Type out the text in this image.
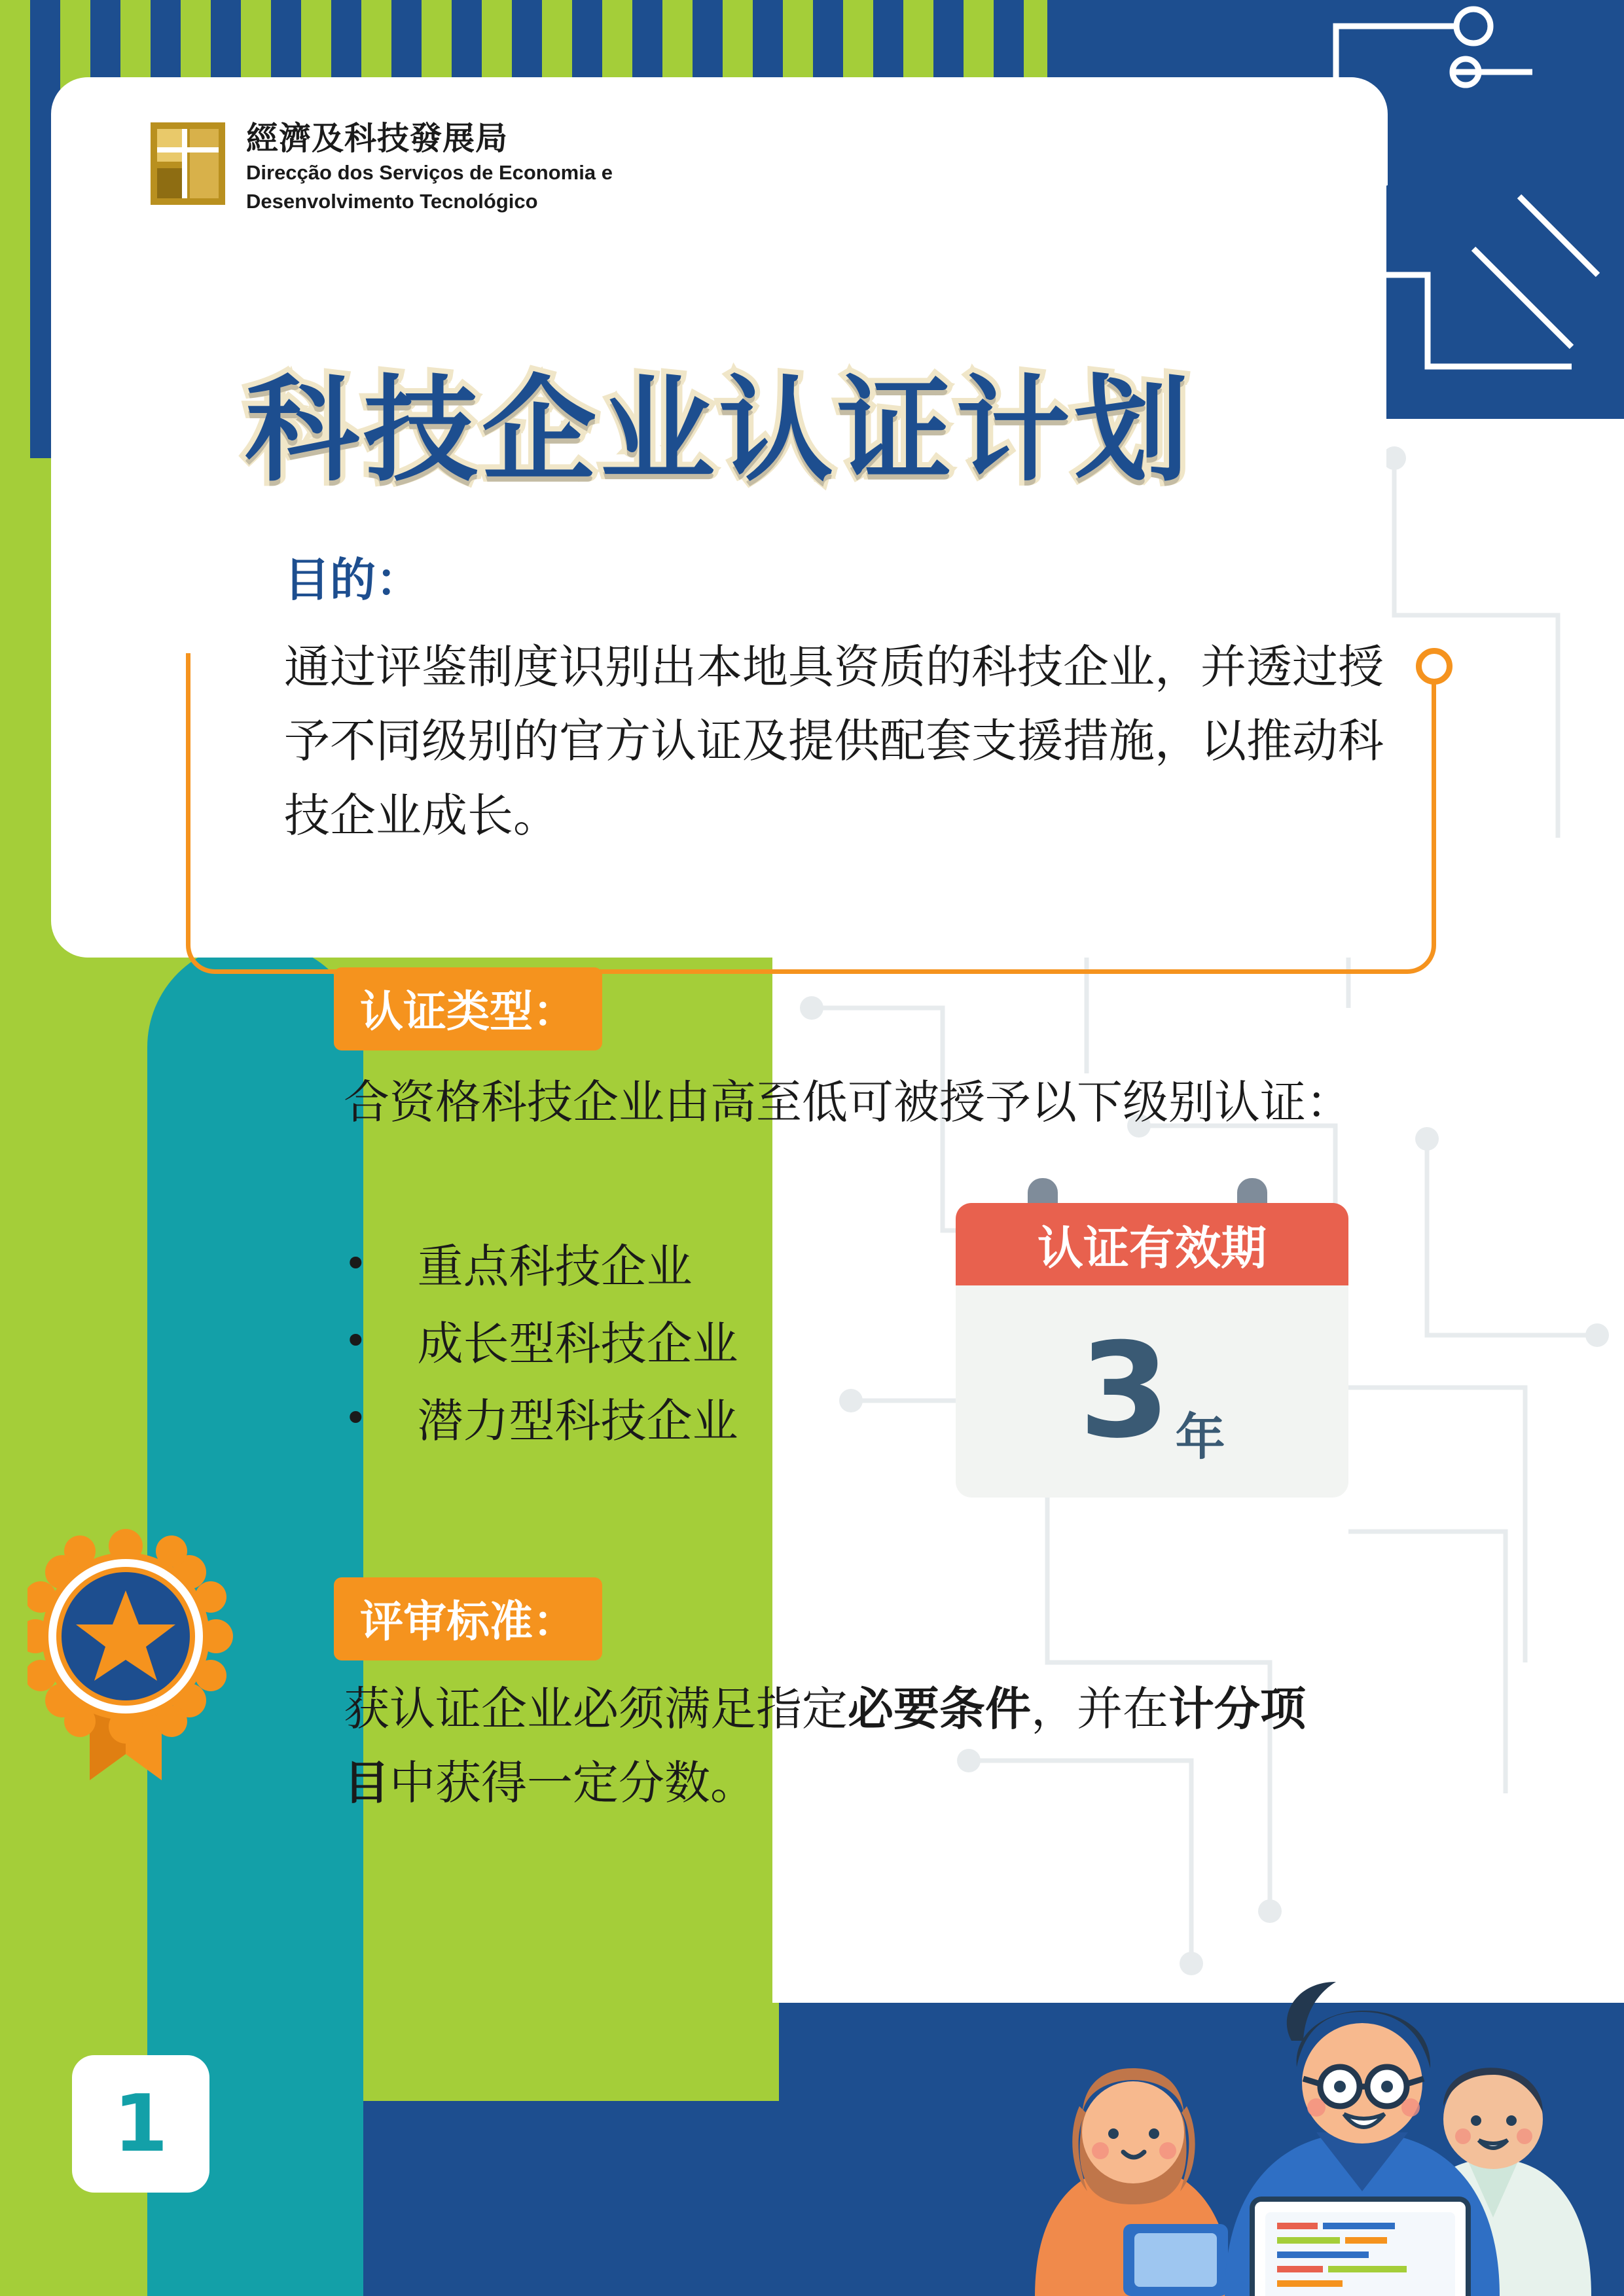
經濟及科技發展局
Direcção dos Serviços de Economia e
Desenvolvimento Tecnológico
科技企业认证计划
目的：
通过评鉴制度识别出本地具资质的科技企业，并透过授予不同级别的官方认证及提供配套支援措施，以推动科技企业成长。
认证类型：
合资格科技企业由高至低可被授予以下级别认证：
• 重点科技企业
• 成长型科技企业
• 潜力型科技企业
认证有效期
3 年
评审标准：
获认证企业必须满足指定必要条件，并在计分项目中获得一定分数。
1
